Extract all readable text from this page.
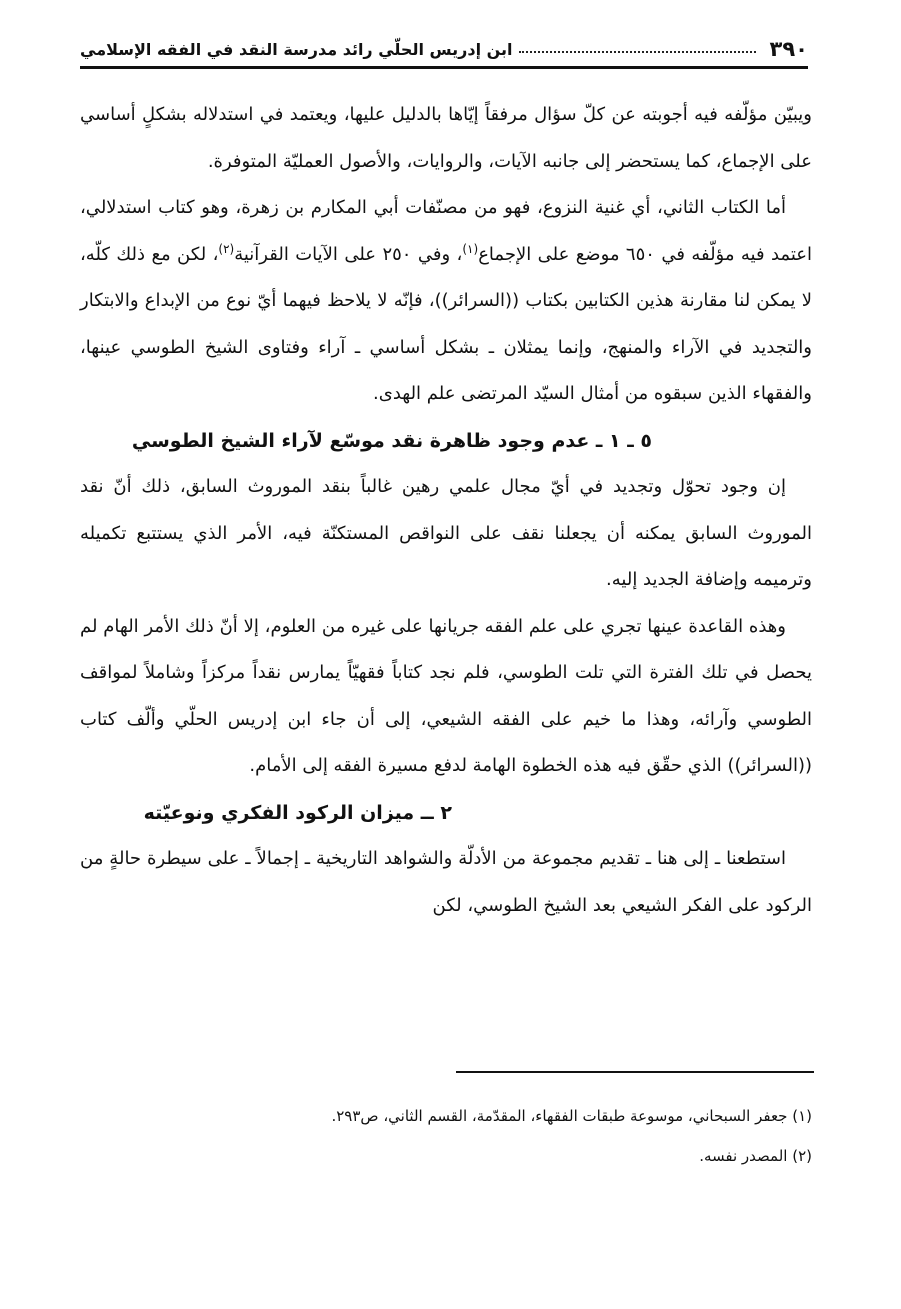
٣٩٠
ابن إدريس الحلّي رائد مدرسة النقد في الفقه الإسلامي

ويبيّن مؤلّفه فيه أجوبته عن كلّ سؤال مرفقاً إيّاها بالدليل عليها، ويعتمد في استدلاله بشكلٍ أساسي على الإجماع، كما يستحضر إلى جانبه الآيات، والروايات، والأصول العمليّة المتوفرة.

أما الكتاب الثاني، أي غنية النزوع، فهو من مصنّفات أبي المكارم بن زهرة، وهو كتاب استدلالي، اعتمد فيه مؤلّفه في ٦٥٠ موضع على الإجماع$^{(١)}$، وفي ٢٥٠ على الآيات القرآنية$^{(٢)}$، لكن مع ذلك كلّه، لا يمكن لنا مقارنة هذين الكتابين بكتاب ((السرائر))، فإنّه لا يلاحظ فيهما أيّ نوع من الإبداع والابتكار والتجديد في الآراء والمنهج، وإنما يمثلان ـ بشكل أساسي ـ آراء وفتاوى الشيخ الطوسي عينها، والفقهاء الذين سبقوه من أمثال السيّد المرتضى علم الهدى.

٥ ـ ١ ـ عدم وجود ظاهرة نقد موسّع لآراء الشيخ الطوسي

إن وجود تحوّل وتجديد في أيّ مجال علمي رهين غالباً بنقد الموروث السابق، ذلك أنّ نقد الموروث السابق يمكنه أن يجعلنا نقف على النواقص المستكنّة فيه، الأمر الذي يستتبع تكميله وترميمه وإضافة الجديد إليه.

وهذه القاعدة عينها تجري على علم الفقه جريانها على غيره من العلوم، إلا أنّ ذلك الأمر الهام لم يحصل في تلك الفترة التي تلت الطوسي، فلم نجد كتاباً فقهيّاً يمارس نقداً مركزاً وشاملاً لمواقف الطوسي وآرائه، وهذا ما خيم على الفقه الشيعي، إلى أن جاء ابن إدريس الحلّي وألّف كتاب ((السرائر)) الذي حقّق فيه هذه الخطوة الهامة لدفع مسيرة الفقه إلى الأمام.

٢ ــ ميزان الركود الفكري ونوعيّته

استطعنا ـ إلى هنا ـ تقديم مجموعة من الأدلّة والشواهد التاريخية ـ إجمالاً ـ على سيطرة حالةٍ من الركود على الفكر الشيعي بعد الشيخ الطوسي، لكن

(١) جعفر السبحاني، موسوعة طبقات الفقهاء، المقدّمة، القسم الثاني، ص٢٩٣.
(٢) المصدر نفسه.
